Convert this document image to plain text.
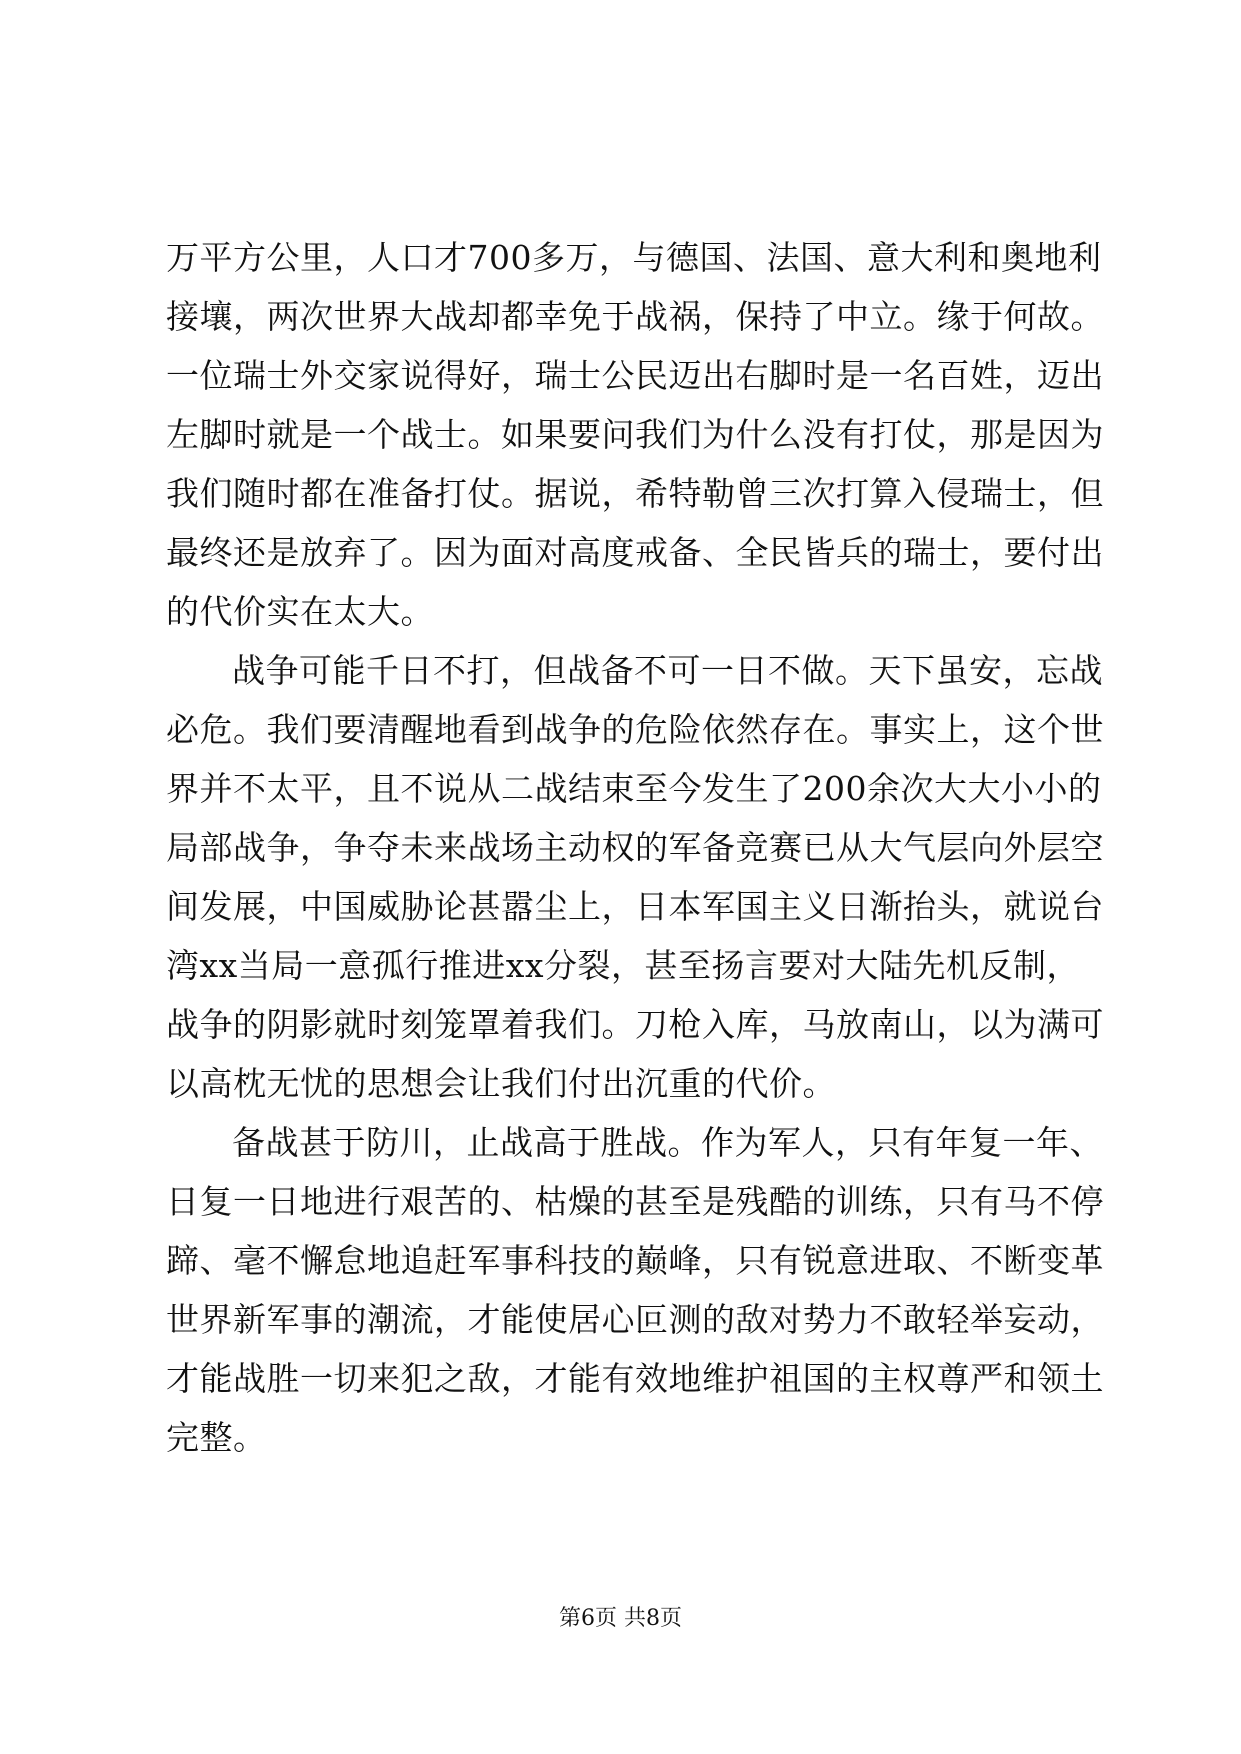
万平方公里，人口才700多万，与德国、法国、意大利和奥地利
接壤，两次世界大战却都幸免于战祸，保持了中立。缘于何故。
一位瑞士外交家说得好，瑞士公民迈出右脚时是一名百姓，迈出
左脚时就是一个战士。如果要问我们为什么没有打仗，那是因为
我们随时都在准备打仗。据说，希特勒曾三次打算入侵瑞士，但
最终还是放弃了。因为面对高度戒备、全民皆兵的瑞士，要付出
的代价实在太大。
战争可能千日不打，但战备不可一日不做。天下虽安，忘战
必危。我们要清醒地看到战争的危险依然存在。事实上，这个世
界并不太平，且不说从二战结束至今发生了200余次大大小小的
局部战争，争夺未来战场主动权的军备竞赛已从大气层向外层空
间发展，中国威胁论甚嚣尘上，日本军国主义日渐抬头，就说台
湾xx当局一意孤行推进xx分裂，甚至扬言要对大陆先机反制，
战争的阴影就时刻笼罩着我们。刀枪入库，马放南山，以为满可
以高枕无忧的思想会让我们付出沉重的代价。
备战甚于防川，止战高于胜战。作为军人，只有年复一年、
日复一日地进行艰苦的、枯燥的甚至是残酷的训练，只有马不停
蹄、毫不懈怠地追赶军事科技的巅峰，只有锐意进取、不断变革
世界新军事的潮流，才能使居心叵测的敌对势力不敢轻举妄动，
才能战胜一切来犯之敌，才能有效地维护祖国的主权尊严和领土
完整。
第6页 共8页
